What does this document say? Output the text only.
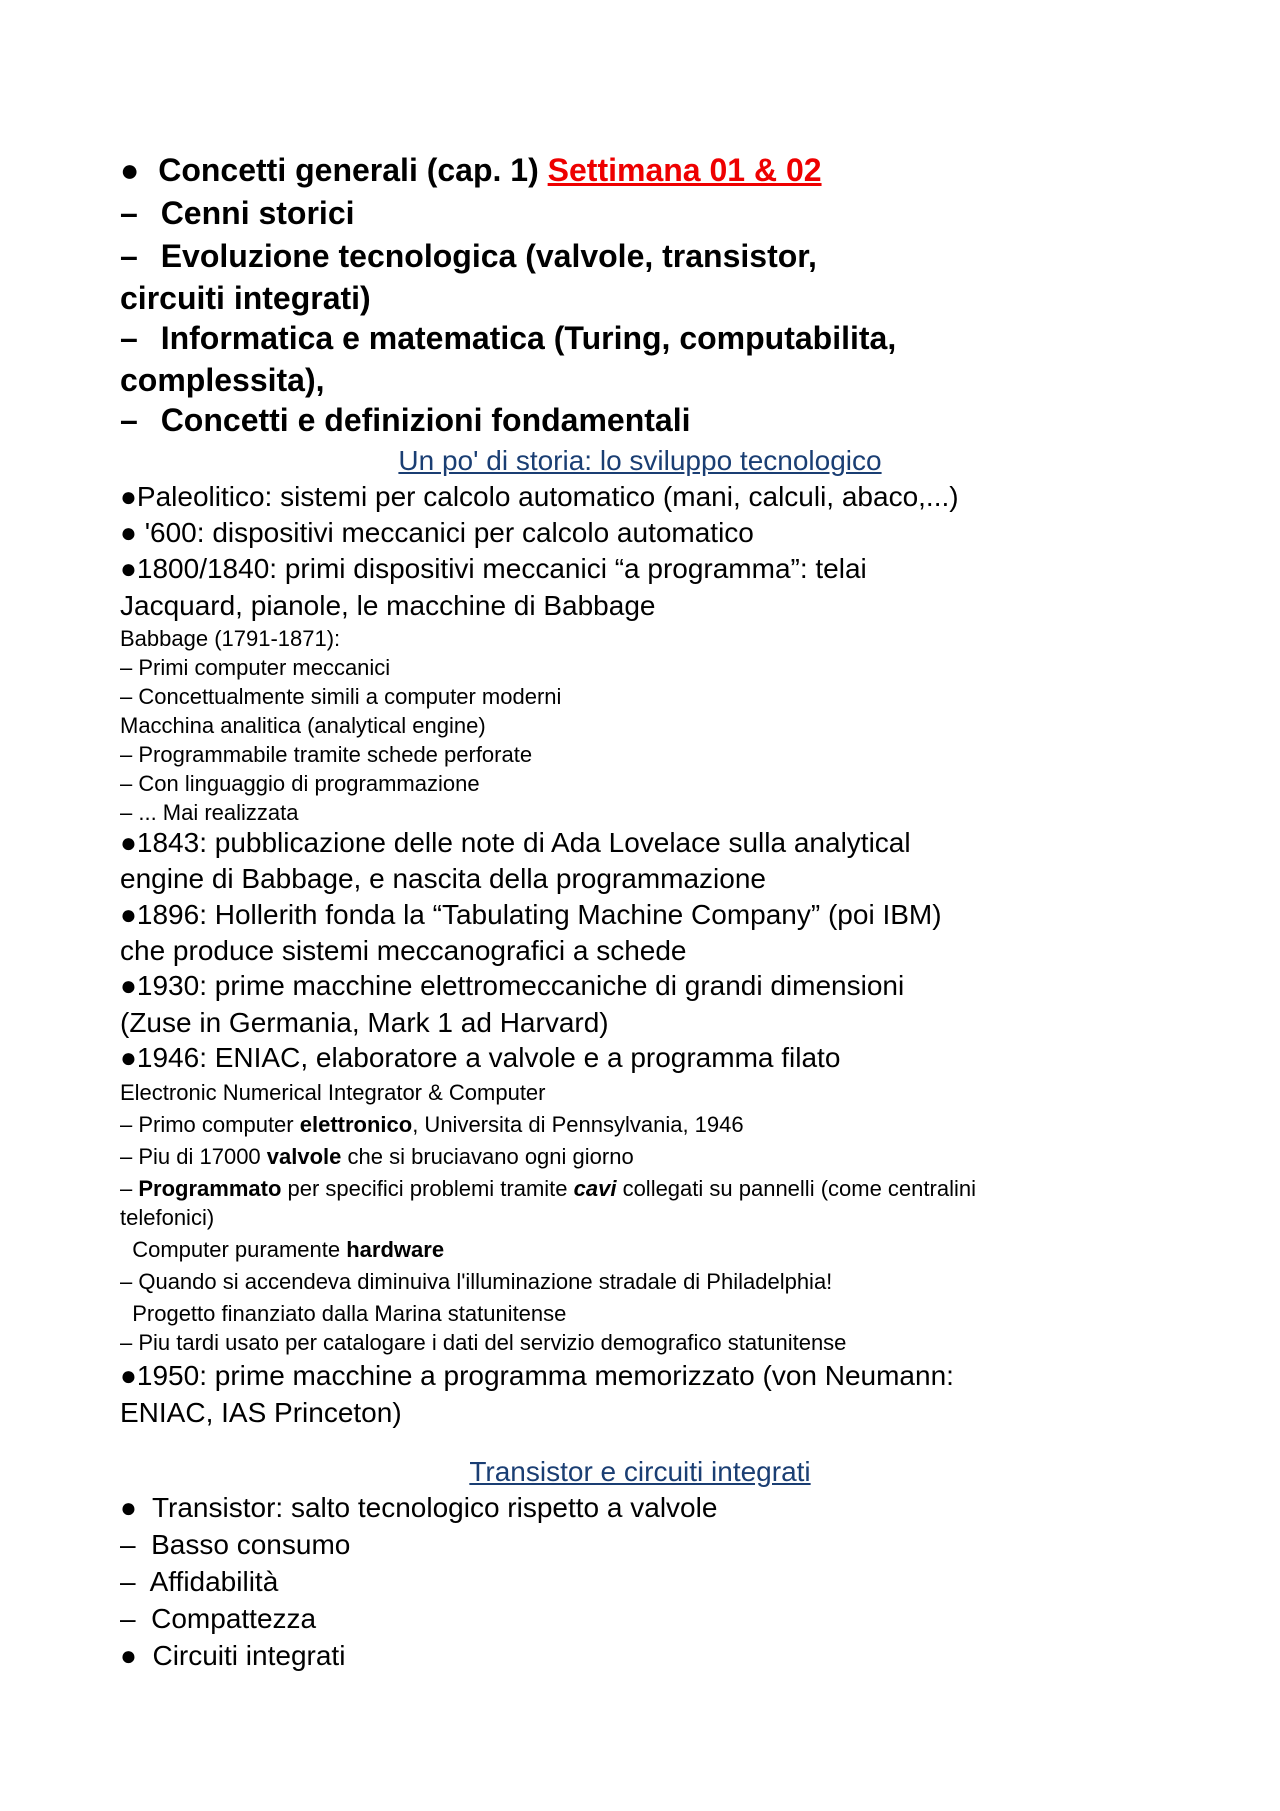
● Concetti generali (cap. 1) Settimana 01 & 02
– Cenni storici
– Evoluzione tecnologica (valvole, transistor,
circuiti integrati)
– Informatica e matematica (Turing, computabilita,
complessita),
– Concetti e definizioni fondamentali
Un po' di storia: lo sviluppo tecnologico
●Paleolitico: sistemi per calcolo automatico (mani, calculi, abaco,...)
● '600: dispositivi meccanici per calcolo automatico
●1800/1840: primi dispositivi meccanici “a programma”: telai
Jacquard, pianole, le macchine di Babbage
Babbage (1791-1871):
– Primi computer meccanici
– Concettualmente simili a computer moderni
Macchina analitica (analytical engine)
– Programmabile tramite schede perforate
– Con linguaggio di programmazione
– ... Mai realizzata
●1843: pubblicazione delle note di Ada Lovelace sulla analytical
engine di Babbage, e nascita della programmazione
●1896: Hollerith fonda la “Tabulating Machine Company” (poi IBM)
che produce sistemi meccanografici a schede
●1930: prime macchine elettromeccaniche di grandi dimensioni
(Zuse in Germania, Mark 1 ad Harvard)
●1946: ENIAC, elaboratore a valvole e a programma filato
Electronic Numerical Integrator & Computer
– Primo computer elettronico, Universita di Pennsylvania, 1946
– Piu di 17000 valvole che si bruciavano ogni giorno
– Programmato per specifici problemi tramite cavi collegati su pannelli (come centralini
telefonici)
Computer puramente hardware
– Quando si accendeva diminuiva l'illuminazione stradale di Philadelphia!
Progetto finanziato dalla Marina statunitense
– Piu tardi usato per catalogare i dati del servizio demografico statunitense
●1950: prime macchine a programma memorizzato (von Neumann:
ENIAC, IAS Princeton)
Transistor e circuiti integrati
●  Transistor: salto tecnologico rispetto a valvole
–  Basso consumo
–  Affidabilità
–  Compattezza
●  Circuiti integrati
